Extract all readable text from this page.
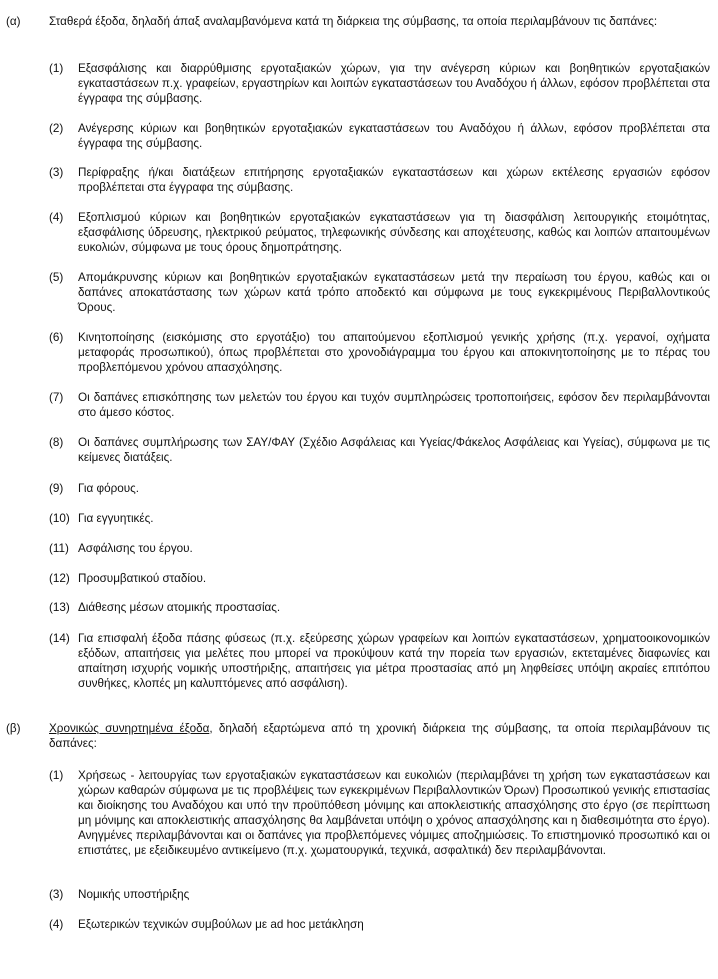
(α) Σταθερά έξοδα, δηλαδή άπαξ αναλαμβανόμενα κατά τη διάρκεια της σύμβασης, τα οποία περιλαμβάνουν τις δαπάνες:
(1)	Εξασφάλισης και διαρρύθμισης εργοταξιακών χώρων, για την ανέγερση κύριων και βοηθητικών εργοταξιακών εγκαταστάσεων π.χ. γραφείων, εργαστηρίων και λοιπών εγκαταστάσεων του Αναδόχου ή άλλων, εφόσον προβλέπεται στα έγγραφα της σύμβασης.
(2)	Ανέγερσης κύριων και βοηθητικών εργοταξιακών εγκαταστάσεων του Αναδόχου ή άλλων, εφόσον προβλέπεται στα έγγραφα της σύμβασης.
(3)	Περίφραξης ή/και διατάξεων επιτήρησης εργοταξιακών εγκαταστάσεων και χώρων εκτέλεσης εργασιών εφόσον προβλέπεται στα έγγραφα της σύμβασης.
(4)	Εξοπλισμού κύριων και βοηθητικών εργοταξιακών εγκαταστάσεων για τη διασφάλιση λειτουργικής ετοιμότητας, εξασφάλισης ύδρευσης, ηλεκτρικού ρεύματος, τηλεφωνικής σύνδεσης και αποχέτευσης, καθώς και λοιπών απαιτουμένων ευκολιών, σύμφωνα με τους όρους δημοπράτησης.
(5)	Απομάκρυνσης κύριων και βοηθητικών εργοταξιακών εγκαταστάσεων μετά την περαίωση του έργου, καθώς και οι δαπάνες αποκατάστασης των χώρων κατά τρόπο αποδεκτό και σύμφωνα με τους εγκεκριμένους Περιβαλλοντικούς Όρους.
(6)	Κινητοποίησης (εισκόμισης στο εργοτάξιο) του απαιτούμενου εξοπλισμού γενικής χρήσης (π.χ. γερανοί, οχήματα μεταφοράς προσωπικού), όπως προβλέπεται στο χρονοδιάγραμμα του έργου και αποκινητοποίησης με το πέρας του προβλεπόμενου χρόνου απασχόλησης.
(7)	Οι δαπάνες επισκόπησης των μελετών του έργου και τυχόν συμπληρώσεις τροποποιήσεις, εφόσον δεν περιλαμβάνονται στο άμεσο κόστος.
(8)	Οι δαπάνες συμπλήρωσης των ΣΑΥ/ΦΑΥ (Σχέδιο Ασφάλειας και Υγείας/Φάκελος Ασφάλειας και Υγείας), σύμφωνα με τις κείμενες διατάξεις.
(9)	Για φόρους.
(10) Για εγγυητικές.
(11) Ασφάλισης του έργου.
(12) Προσυμβατικού σταδίου.
(13) Διάθεσης μέσων ατομικής προστασίας.
(14) Για επισφαλή έξοδα πάσης φύσεως (π.χ. εξεύρεσης χώρων γραφείων και λοιπών εγκαταστάσεων, χρηματοοικονομικών εξόδων, απαιτήσεις για μελέτες που μπορεί να προκύψουν κατά την πορεία των εργασιών, εκτεταμένες διαφωνίες και απαίτηση ισχυρής νομικής υποστήριξης, απαιτήσεις για μέτρα προστασίας από μη ληφθείσες υπόψη ακραίες επιτόπου συνθήκες, κλοπές μη καλυπτόμενες από ασφάλιση).
(β) Χρονικώς συνηρτημένα έξοδα, δηλαδή εξαρτώμενα από τη χρονική διάρκεια της σύμβασης, τα οποία περιλαμβάνουν τις δαπάνες:
(1)	Χρήσεως - λειτουργίας των εργοταξιακών εγκαταστάσεων και ευκολιών (περιλαμβάνει τη χρήση των εγκαταστάσεων και χώρων καθαρών σύμφωνα με τις προβλέψεις των εγκεκριμένων Περιβαλλοντικών Όρων) Προσωπικού γενικής επιστασίας και διοίκησης του Αναδόχου και υπό την προϋπόθεση μόνιμης και αποκλειστικής απασχόλησης στο έργο (σε περίπτωση μη μόνιμης και αποκλειστικής απασχόλησης θα λαμβάνεται υπόψη ο χρόνος απασχόλησης και η διαθεσιμότητα στο έργο). Ανηγμένες περιλαμβάνονται και οι δαπάνες για προβλεπόμενες νόμιμες αποζημιώσεις. Το επιστημονικό προσωπικό και οι επιστάτες, με εξειδικευμένο αντικείμενο (π.χ. χωματουργικά, τεχνικά, ασφαλτικά) δεν περιλαμβάνονται.
(3)	Νομικής υποστήριξης
(4)	Εξωτερικών τεχνικών συμβούλων με ad hoc μετάκληση
